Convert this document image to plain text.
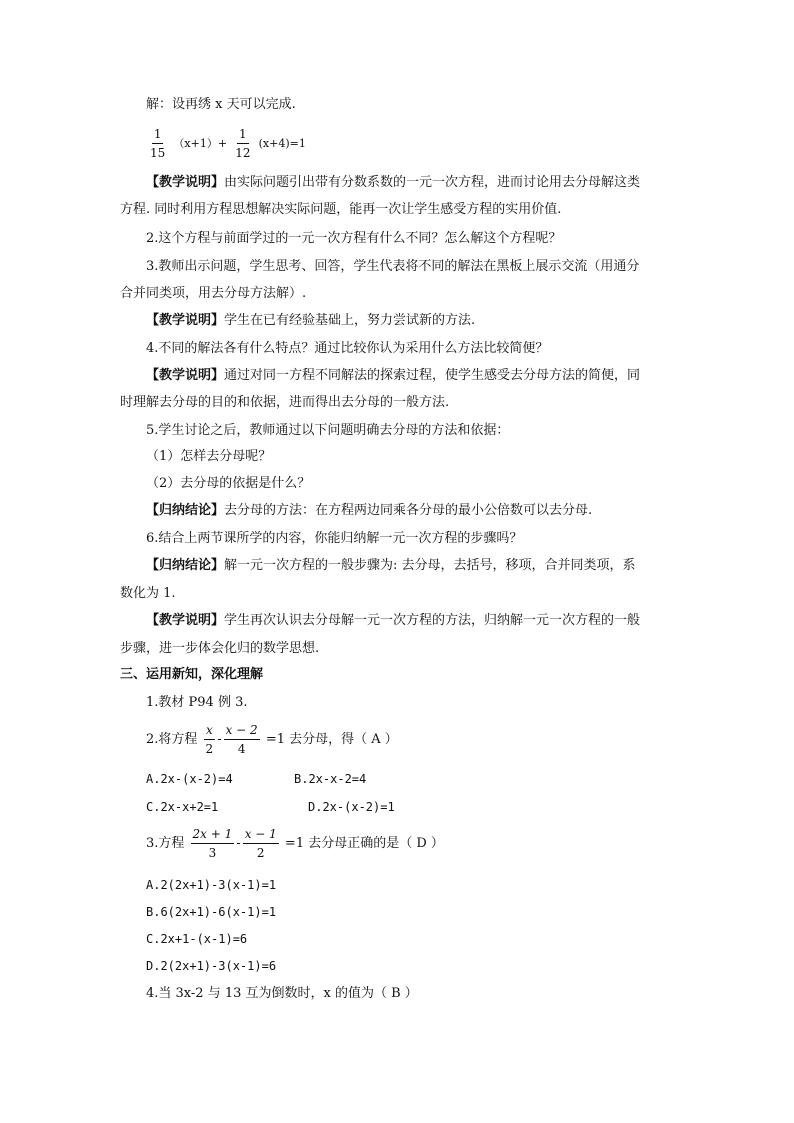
解：设再绣 x 天可以完成.
$\frac{1}{15} (x+1)+ \frac{1}{12} (x+4)=1$
【教学说明】由实际问题引出带有分数系数的一元一次方程，进而讨论用去分母解这类
方程. 同时利用方程思想解决实际问题，能再一次让学生感受方程的实用价值.
2.这个方程与前面学过的一元一次方程有什么不同？怎么解这个方程呢？
3.教师出示问题，学生思考、回答，学生代表将不同的解法在黑板上展示交流（用通分
合并同类项，用去分母方法解）.
【教学说明】学生在已有经验基础上，努力尝试新的方法.
4.不同的解法各有什么特点？通过比较你认为采用什么方法比较简便？
【教学说明】通过对同一方程不同解法的探索过程，使学生感受去分母方法的简便，同
时理解去分母的目的和依据，进而得出去分母的一般方法.
5.学生讨论之后，教师通过以下问题明确去分母的方法和依据：
（1）怎样去分母呢？
（2）去分母的依据是什么？
【归纳结论】去分母的方法：在方程两边同乘各分母的最小公倍数可以去分母.
6.结合上两节课所学的内容，你能归纳解一元一次方程的步骤吗？
【归纳结论】解一元一次方程的一般步骤为: 去分母，去括号，移项，合并同类项，系
数化为 1.
【教学说明】学生再次认识去分母解一元一次方程的方法，归纳解一元一次方程的一般
步骤，进一步体会化归的数学思想.
三、运用新知，深化理解
1.教材 P94 例 3.
2.将方程 $\frac{x}{2} - \frac{x - 2}{4} =1$ 去分母，得（ A ）
A.2x-(x-2)=4	B.2x-x-2=4
C.2x-x+2=1	D.2x-(x-2)=1
3.方程 $\frac{2x + 1}{3} - \frac{x - 1}{2} =1$ 去分母正确的是（ D ）
A.2(2x+1)-3(x-1)=1
B.6(2x+1)-6(x-1)=1
C.2x+1-(x-1)=6
D.2(2x+1)-3(x-1)=6
4.当 3x-2 与 13 互为倒数时，x 的值为（ B ）
